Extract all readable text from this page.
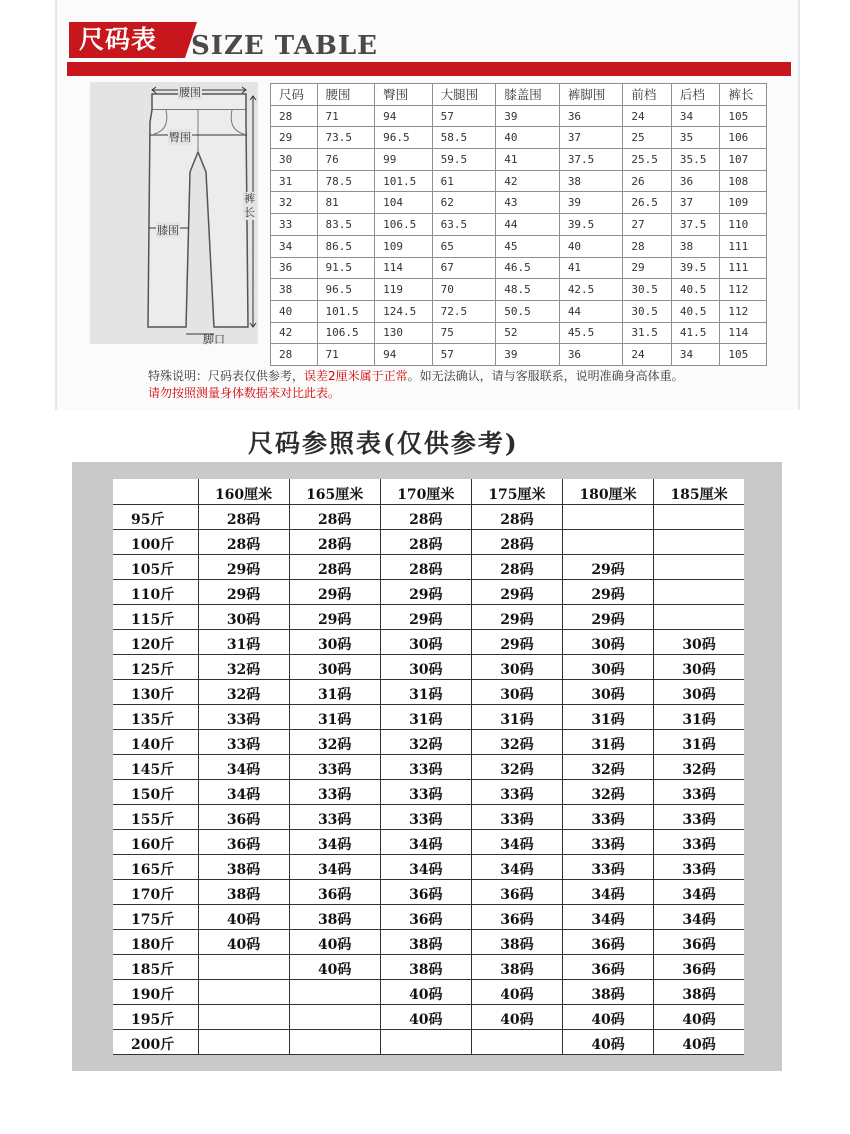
尺码表	SIZE TABLE
腰围
臀围
膝围
脚口
裤长
尺码	腰围	臀围	大腿围	膝盖围	裤脚围	前档	后档	裤长
28	71	94	57	39	36	24	34	105
29	73.5	96.5	58.5	40	37	25	35	106
30	76	99	59.5	41	37.5	25.5	35.5	107
31	78.5	101.5	61	42	38	26	36	108
32	81	104	62	43	39	26.5	37	109
33	83.5	106.5	63.5	44	39.5	27	37.5	110
34	86.5	109	65	45	40	28	38	111
36	91.5	114	67	46.5	41	29	39.5	111
38	96.5	119	70	48.5	42.5	30.5	40.5	112
40	101.5	124.5	72.5	50.5	44	30.5	40.5	112
42	106.5	130	75	52	45.5	31.5	41.5	114
28	71	94	57	39	36	24	34	105
特殊说明：尺码表仅供参考，误差2厘米属于正常。如无法确认，请与客服联系，说明准确身高体重。
请勿按照测量身体数据来对比此表。
尺码参照表(仅供参考)
	160厘米	165厘米	170厘米	175厘米	180厘米	185厘米
95斤	28码	28码	28码	28码		
100斤	28码	28码	28码	28码		
105斤	29码	28码	28码	28码	29码	
110斤	29码	29码	29码	29码	29码	
115斤	30码	29码	29码	29码	29码	
120斤	31码	30码	30码	29码	30码	30码
125斤	32码	30码	30码	30码	30码	30码
130斤	32码	31码	31码	30码	30码	30码
135斤	33码	31码	31码	31码	31码	31码
140斤	33码	32码	32码	32码	31码	31码
145斤	34码	33码	33码	32码	32码	32码
150斤	34码	33码	33码	33码	32码	33码
155斤	36码	33码	33码	33码	33码	33码
160斤	36码	34码	34码	34码	33码	33码
165斤	38码	34码	34码	34码	33码	33码
170斤	38码	36码	36码	36码	34码	34码
175斤	40码	38码	36码	36码	34码	34码
180斤	40码	40码	38码	38码	36码	36码
185斤		40码	38码	38码	36码	36码
190斤			40码	40码	38码	38码
195斤			40码	40码	40码	40码
200斤					40码	40码
